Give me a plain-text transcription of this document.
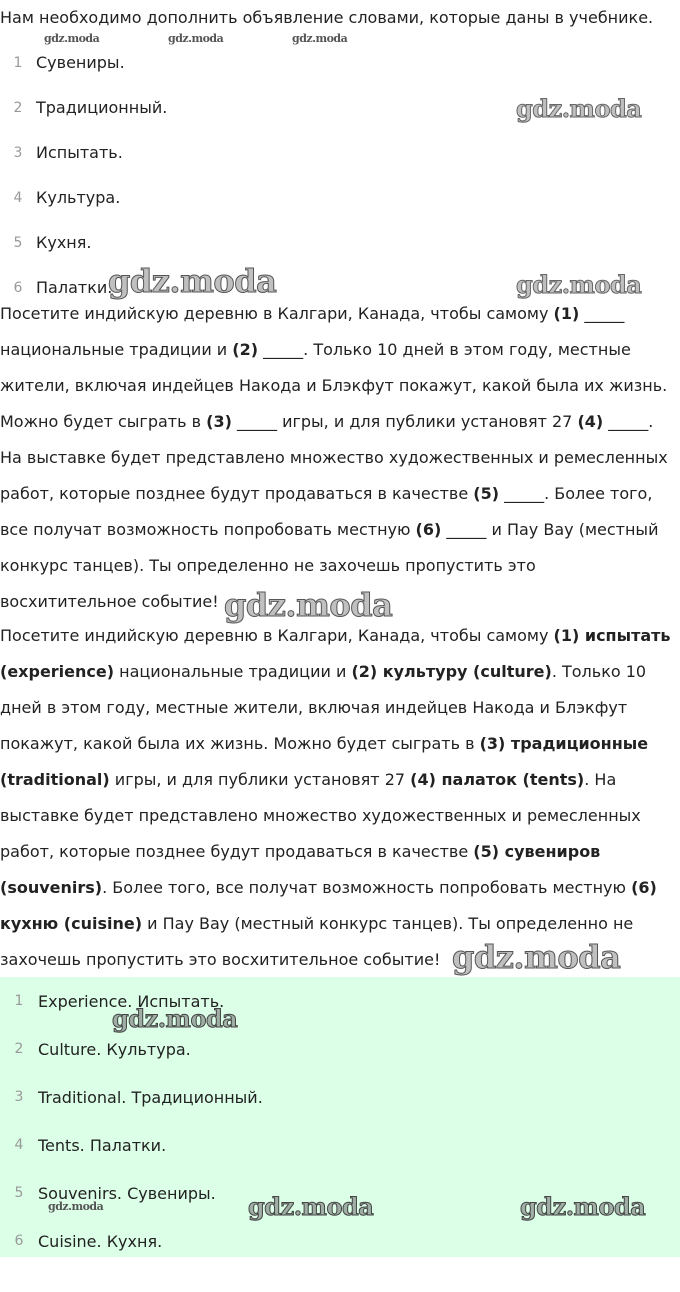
Нам необходимо дополнить объявление словами, которые даны в учебнике.
1 Сувениры.
2 Традиционный.
3 Испытать.
4 Культура.
5 Кухня.
6 Палатки.

Посетите индийскую деревню в Калгари, Канада, чтобы самому (1) _____ национальные традиции и (2) _____. Только 10 дней в этом году, местные жители, включая индейцев Накода и Блэкфут покажут, какой была их жизнь. Можно будет сыграть в (3) _____ игры, и для публики установят 27 (4) _____. На выставке будет представлено множество художественных и ремесленных работ, которые позднее будут продаваться в качестве (5) _____. Более того, все получат возможность попробовать местную (6) _____ и Пау Вау (местный конкурс танцев). Ты определенно не захочешь пропустить это восхитительное событие!

Посетите индийскую деревню в Калгари, Канада, чтобы самому (1) испытать (experience) национальные традиции и (2) культуру (culture). Только 10 дней в этом году, местные жители, включая индейцев Накода и Блэкфут покажут, какой была их жизнь. Можно будет сыграть в (3) традиционные (traditional) игры, и для публики установят 27 (4) палаток (tents). На выставке будет представлено множество художественных и ремесленных работ, которые позднее будут продаваться в качестве (5) сувениров (souvenirs). Более того, все получат возможность попробовать местную (6) кухню (cuisine) и Пау Вау (местный конкурс танцев). Ты определенно не захочешь пропустить это восхитительное событие!

1 Experience. Испытать.
2 Culture. Культура.
3 Traditional. Традиционный.
4 Tents. Палатки.
5 Souvenirs. Сувениры.
6 Cuisine. Кухня.
gdz.moda	gdz.moda	gdz.moda
gdz.moda
gdz.moda	gdz.moda
gdz.moda
gdz.moda
gdz.moda
gdz.moda	gdz.moda	gdz.moda
